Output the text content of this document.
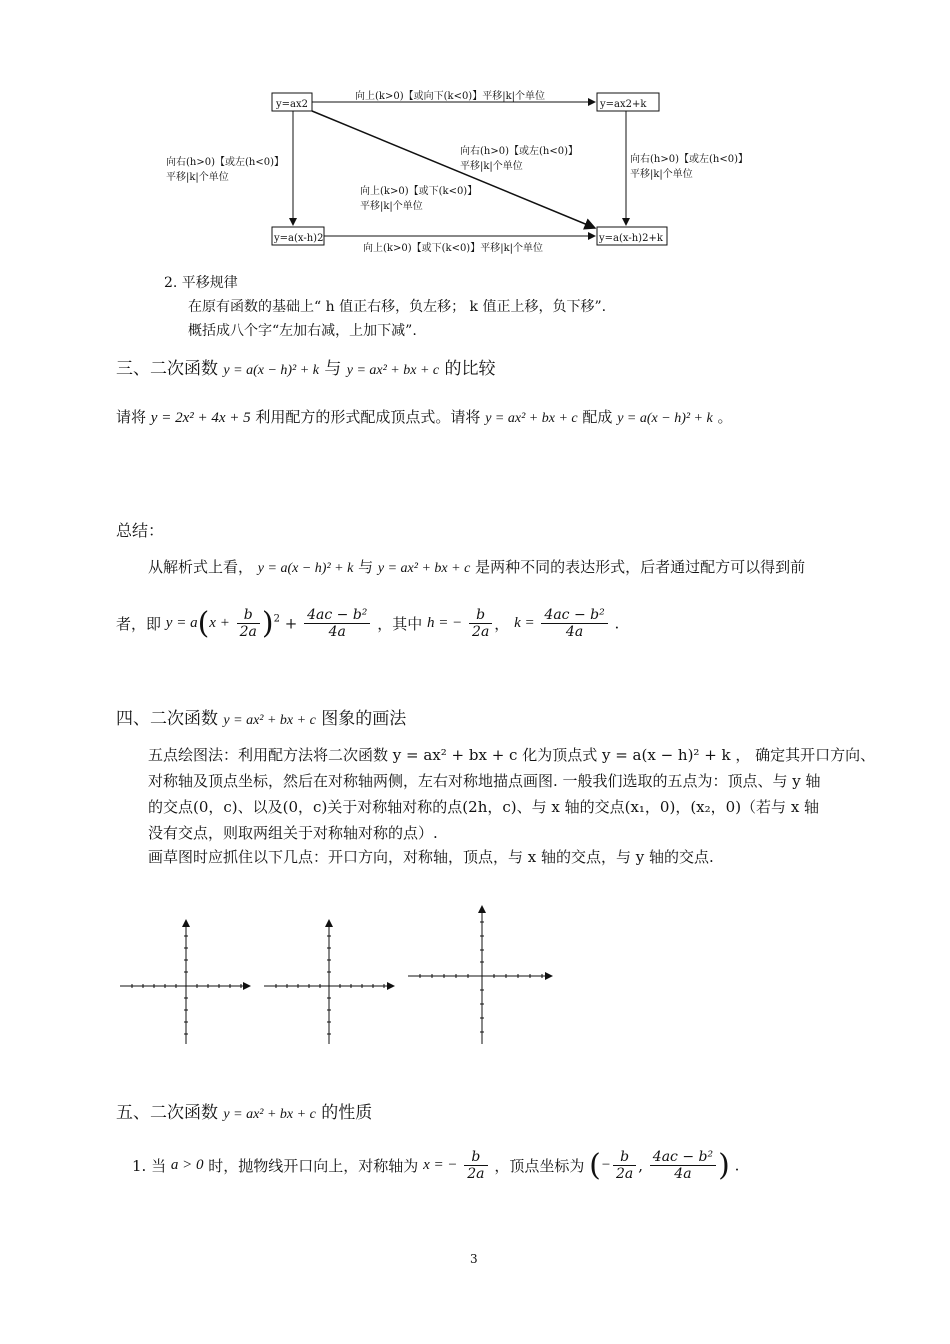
y=ax2	y=ax2+k
y=a(x-h)2	y=a(x-h)2+k
向上(k>0)【或向下(k<0)】平移|k|个单位
向上(k>0)【或下(k<0)】平移|k|个单位
向右(h>0)【或左(h<0)】
平移|k|个单位
向右(h>0)【或左(h<0)】
平移|k|个单位
向右(h>0)【或左(h<0)】
平移|k|个单位
向上(k>0)【或下(k<0)】
平移|k|个单位
2. 平移规律
在原有函数的基础上“ h 值正右移，负左移； k 值正上移，负下移”.
概括成八个字“左加右减，上加下减”.
三、二次函数 y = a(x − h)² + k 与 y = ax² + bx + c 的比较
请将 y = 2x² + 4x + 5 利用配方的形式配成顶点式。请将 y = ax² + bx + c 配成 y = a(x − h)² + k 。
总结：
从解析式上看， y = a(x − h)² + k 与 y = ax² + bx + c 是两种不同的表达形式，后者通过配方可以得到前
者，即 $y = a(x + \frac{b}{2a} )^2 + \frac{\text{4ac − b²}}{4a}$ ，其中 h = − $\frac{b}{2a}$ ， $k = \frac{\text{4ac − b²}}{4a}$ .
四、二次函数 y = ax² + bx + c 图象的画法
五点绘图法：利用配方法将二次函数 y = ax² + bx + c 化为顶点式 y = a(x − h)² + k ， 确定其开口方向、
对称轴及顶点坐标，然后在对称轴两侧，左右对称地描点画图. 一般我们选取的五点为：顶点、与 y 轴
的交点(0，c)、以及(0，c)关于对称轴对称的点(2h，c)、与 x 轴的交点(x₁，0)，(x₂，0)（若与 x 轴
没有交点，则取两组关于对称轴对称的点）.
画草图时应抓住以下几点：开口方向，对称轴，顶点，与 x 轴的交点，与 y 轴的交点.
五、二次函数 y = ax² + bx + c 的性质
1. 当 a > 0 时，抛物线开口向上，对称轴为 x = − $\frac{b}{2a}$ ，顶点坐标为 (− $\frac{b}{2a}$ , $\frac{\text{4ac − b²}}{4a}$ ) .
3
